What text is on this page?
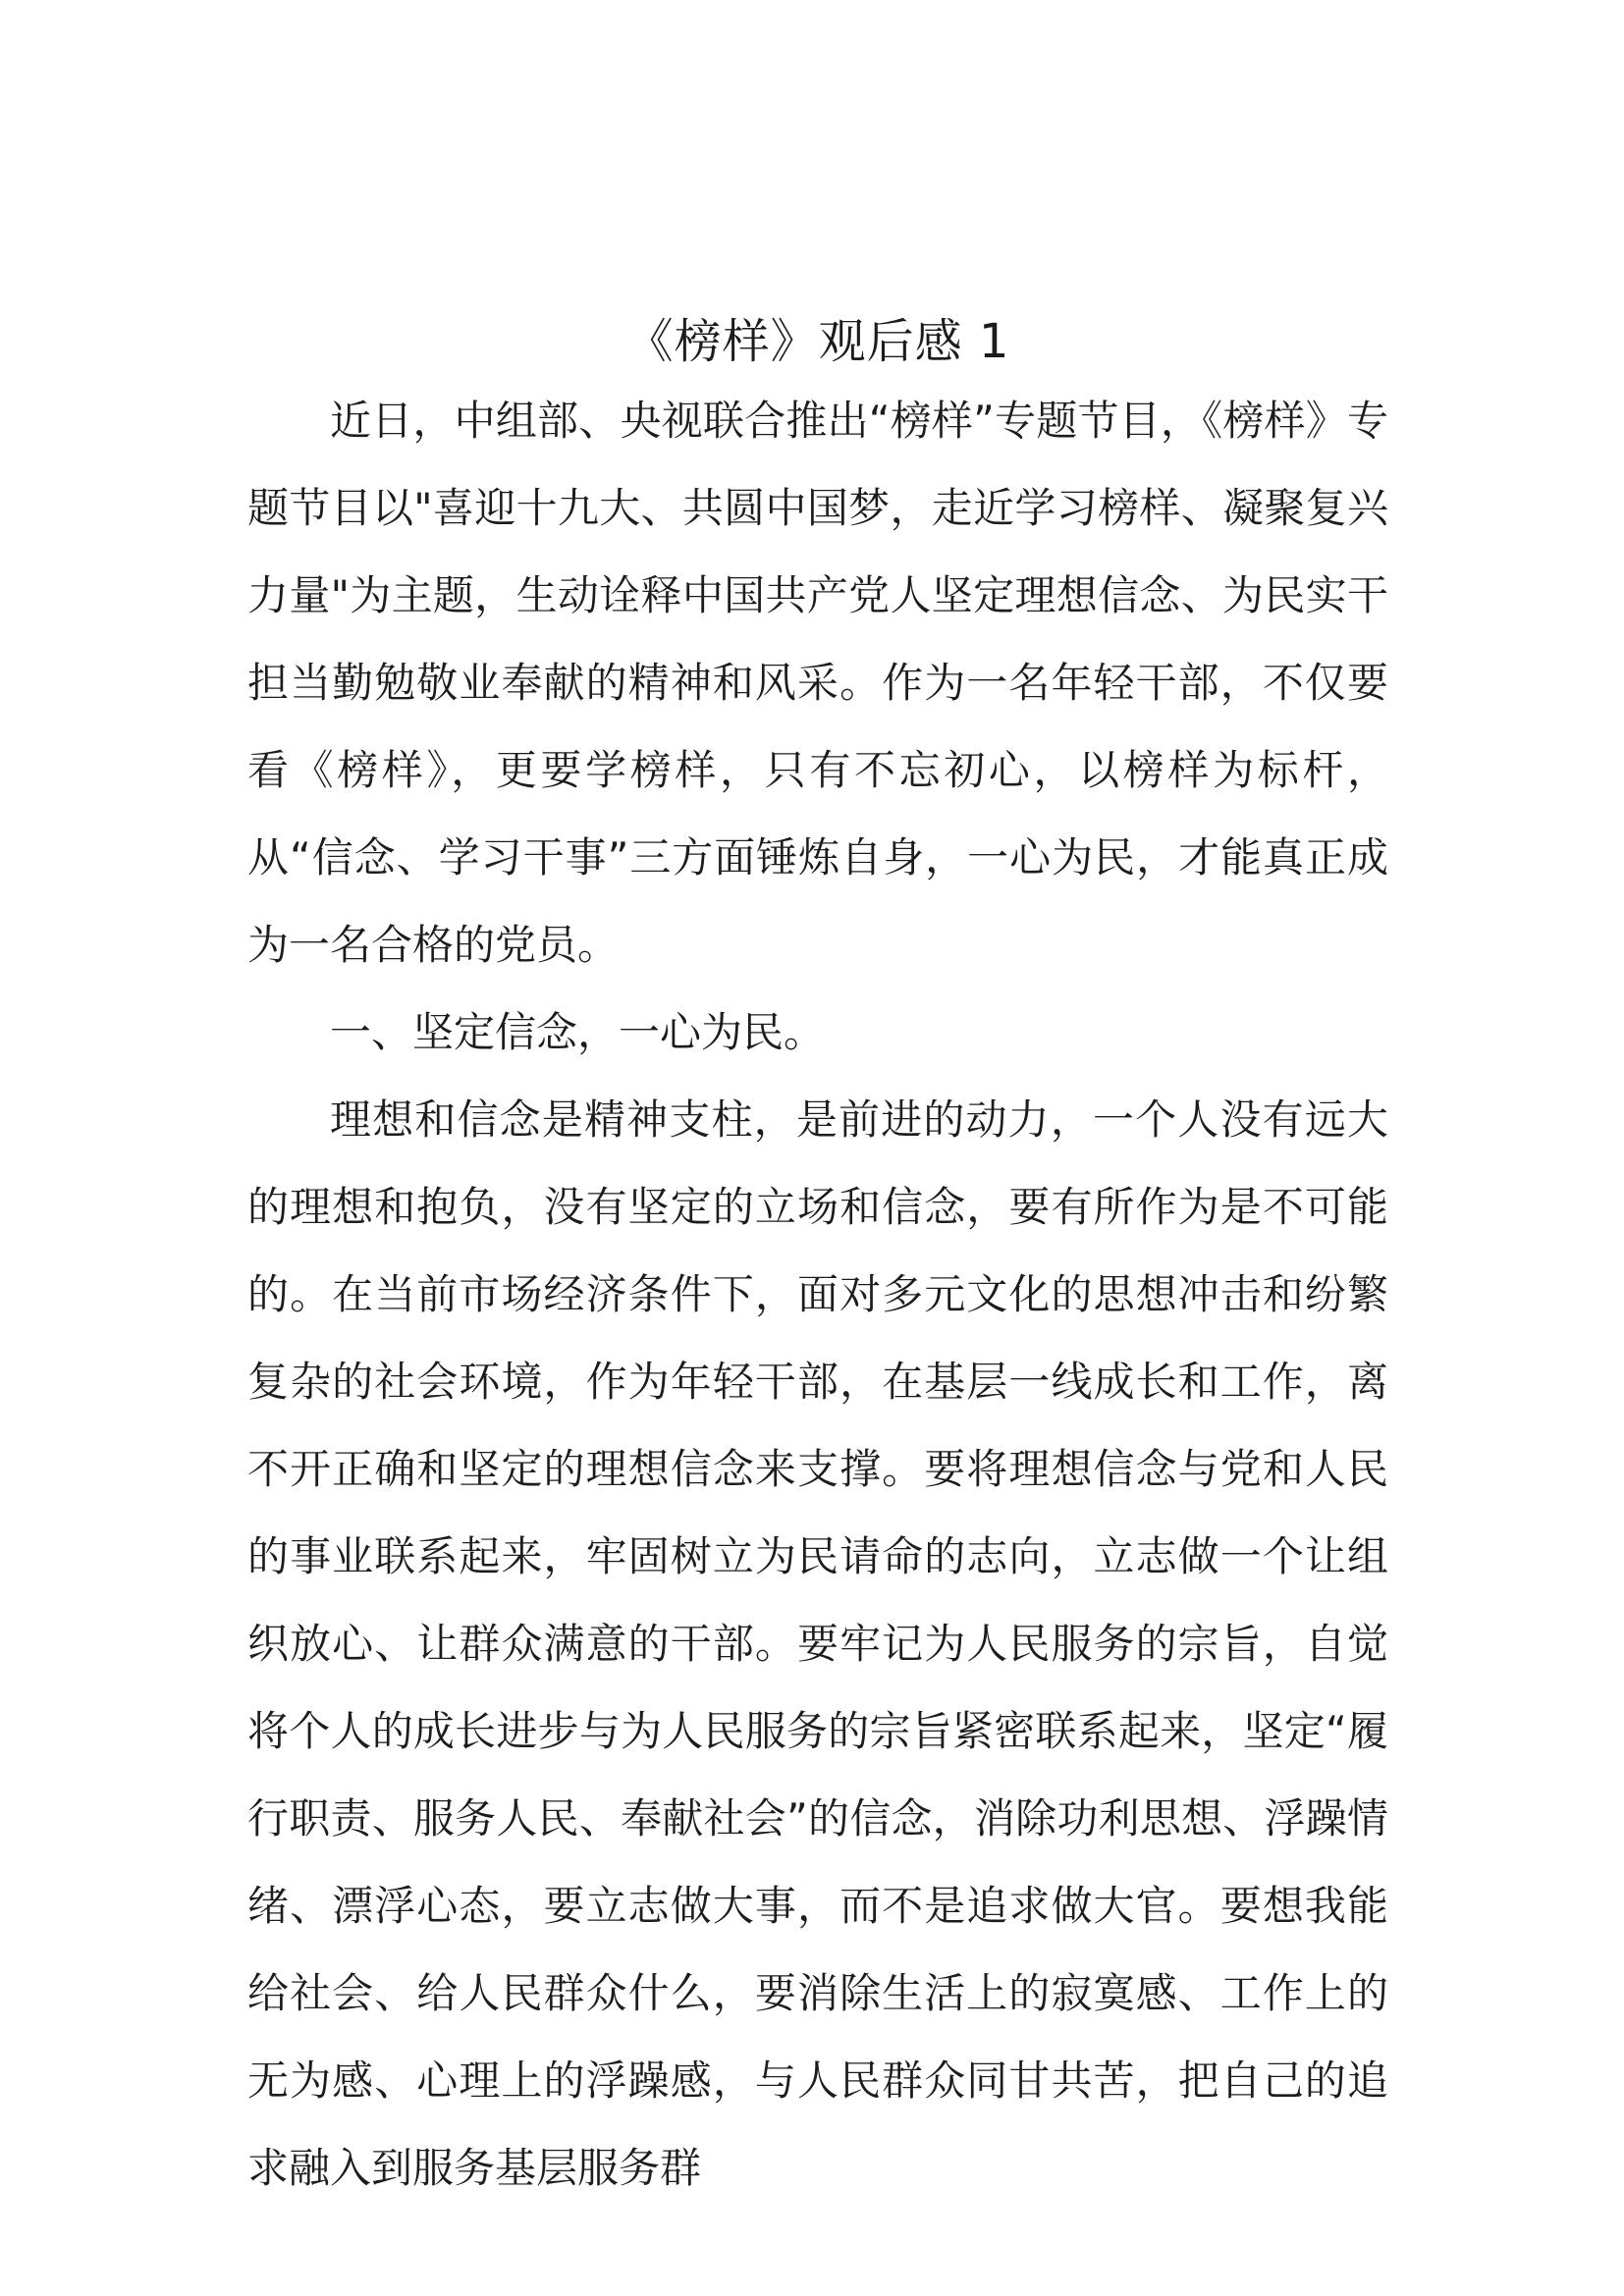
《榜样》观后感 1

近日，中组部、央视联合推出“榜样”专题节目，《榜样》专题节目以"喜迎十九大、共圆中国梦，走近学习榜样、凝聚复兴力量"为主题，生动诠释中国共产党人坚定理想信念、为民实干担当勤勉敬业奉献的精神和风采。作为一名年轻干部，不仅要看《榜样》，更要学榜样，只有不忘初心，以榜样为标杆，从“信念、学习干事”三方面锤炼自身，一心为民，才能真正成为一名合格的党员。

一、坚定信念，一心为民。

理想和信念是精神支柱，是前进的动力，一个人没有远大的理想和抱负，没有坚定的立场和信念，要有所作为是不可能的。在当前市场经济条件下，面对多元文化的思想冲击和纷繁复杂的社会环境，作为年轻干部，在基层一线成长和工作，离不开正确和坚定的理想信念来支撑。要将理想信念与党和人民的事业联系起来，牢固树立为民请命的志向，立志做一个让组织放心、让群众满意的干部。要牢记为人民服务的宗旨，自觉将个人的成长进步与为人民服务的宗旨紧密联系起来，坚定“履行职责、服务人民、奉献社会”的信念，消除功利思想、浮躁情绪、漂浮心态，要立志做大事，而不是追求做大官。要想我能给社会、给人民群众什么，要消除生活上的寂寞感、工作上的无为感、心理上的浮躁感，与人民群众同甘共苦，把自己的追求融入到服务基层服务群
